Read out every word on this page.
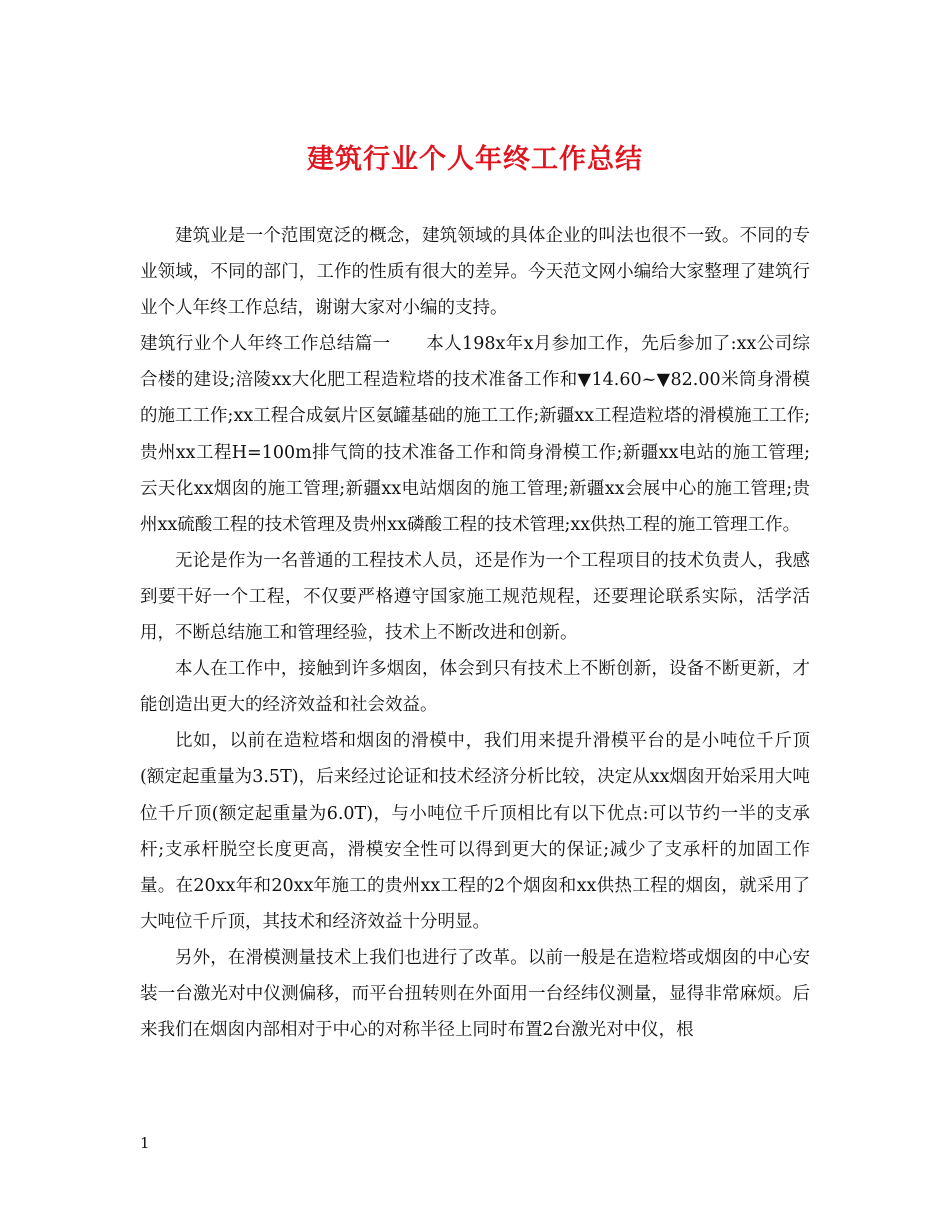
建筑行业个人年终工作总结

建筑业是一个范围宽泛的概念，建筑领域的具体企业的叫法也很不一致。不同的专业领域，不同的部门，工作的性质有很大的差异。今天范文网小编给大家整理了建筑行业个人年终工作总结，谢谢大家对小编的支持。

建筑行业个人年终工作总结篇一　　本人198x年x月参加工作，先后参加了:xx公司综合楼的建设;涪陵xx大化肥工程造粒塔的技术准备工作和▼14.60~▼82.00米筒身滑模的施工工作;xx工程合成氨片区氨罐基础的施工工作;新疆xx工程造粒塔的滑模施工工作;贵州xx工程H=100m排气筒的技术准备工作和筒身滑模工作;新疆xx电站的施工管理;云天化xx烟囱的施工管理;新疆xx电站烟囱的施工管理;新疆xx会展中心的施工管理;贵州xx硫酸工程的技术管理及贵州xx磷酸工程的技术管理;xx供热工程的施工管理工作。

无论是作为一名普通的工程技术人员，还是作为一个工程项目的技术负责人，我感到要干好一个工程，不仅要严格遵守国家施工规范规程，还要理论联系实际，活学活用，不断总结施工和管理经验，技术上不断改进和创新。

本人在工作中，接触到许多烟囱，体会到只有技术上不断创新，设备不断更新，才能创造出更大的经济效益和社会效益。

比如，以前在造粒塔和烟囱的滑模中，我们用来提升滑模平台的是小吨位千斤顶(额定起重量为3.5T)，后来经过论证和技术经济分析比较，决定从xx烟囱开始采用大吨位千斤顶(额定起重量为6.0T)，与小吨位千斤顶相比有以下优点:可以节约一半的支承杆;支承杆脱空长度更高，滑模安全性可以得到更大的保证;减少了支承杆的加固工作量。在20xx年和20xx年施工的贵州xx工程的2个烟囱和xx供热工程的烟囱，就采用了大吨位千斤顶，其技术和经济效益十分明显。

另外，在滑模测量技术上我们也进行了改革。以前一般是在造粒塔或烟囱的中心安装一台激光对中仪测偏移，而平台扭转则在外面用一台经纬仪测量，显得非常麻烦。后来我们在烟囱内部相对于中心的对称半径上同时布置2台激光对中仪，根

1
